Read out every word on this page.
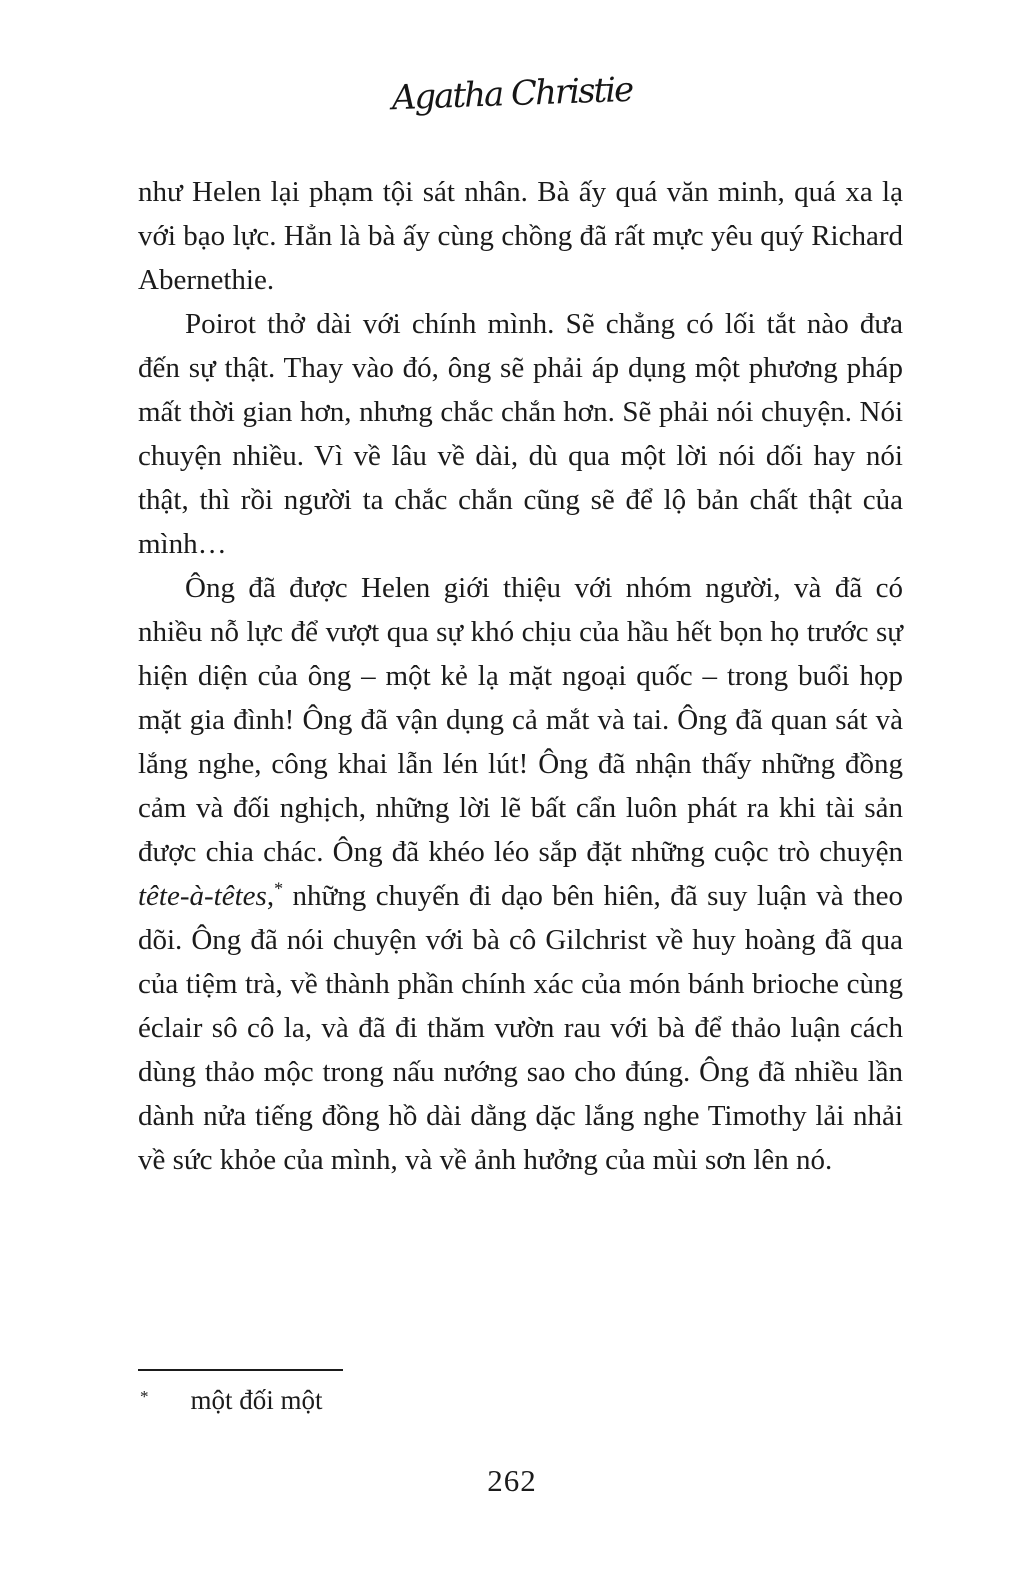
Agatha Christie

như Helen lại phạm tội sát nhân. Bà ấy quá văn minh, quá xa lạ với bạo lực. Hẳn là bà ấy cùng chồng đã rất mực yêu quý Richard Abernethie.

Poirot thở dài với chính mình. Sẽ chẳng có lối tắt nào đưa đến sự thật. Thay vào đó, ông sẽ phải áp dụng một phương pháp mất thời gian hơn, nhưng chắc chắn hơn. Sẽ phải nói chuyện. Nói chuyện nhiều. Vì về lâu về dài, dù qua một lời nói dối hay nói thật, thì rồi người ta chắc chắn cũng sẽ để lộ bản chất thật của mình…

Ông đã được Helen giới thiệu với nhóm người, và đã có nhiều nỗ lực để vượt qua sự khó chịu của hầu hết bọn họ trước sự hiện diện của ông – một kẻ lạ mặt ngoại quốc – trong buổi họp mặt gia đình! Ông đã vận dụng cả mắt và tai. Ông đã quan sát và lắng nghe, công khai lẫn lén lút! Ông đã nhận thấy những đồng cảm và đối nghịch, những lời lẽ bất cẩn luôn phát ra khi tài sản được chia chác. Ông đã khéo léo sắp đặt những cuộc trò chuyện tête-à-têtes,* những chuyến đi dạo bên hiên, đã suy luận và theo dõi. Ông đã nói chuyện với bà cô Gilchrist về huy hoàng đã qua của tiệm trà, về thành phần chính xác của món bánh brioche cùng éclair sô cô la, và đã đi thăm vườn rau với bà để thảo luận cách dùng thảo mộc trong nấu nướng sao cho đúng. Ông đã nhiều lần dành nửa tiếng đồng hồ dài dằng dặc lắng nghe Timothy lải nhải về sức khỏe của mình, và về ảnh hưởng của mùi sơn lên nó.

* một đối một
262
